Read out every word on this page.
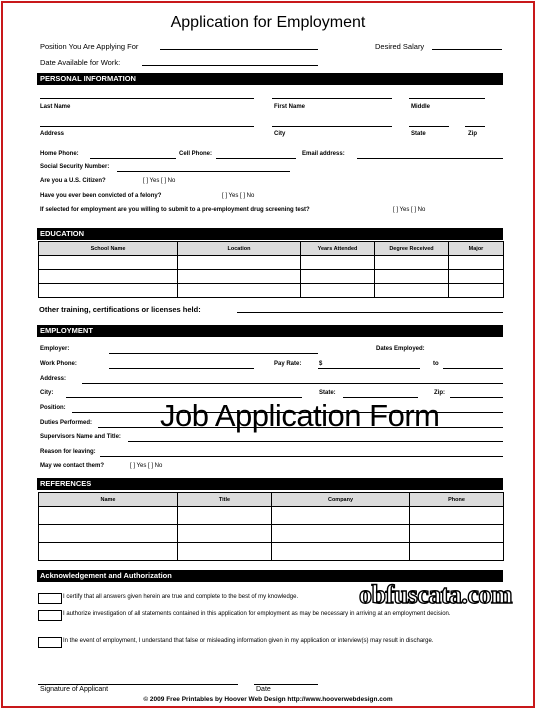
Application for Employment
Position You Are Applying For	Desired Salary
Date Available for Work:
PERSONAL INFORMATION
Last Name	First Name	Middle
Address	City	State	Zip
Home Phone:	Cell Phone:	Email address:
Social Security Number:
Are you a U.S. Citizen?	[ ] Yes [ ] No
Have you ever been convicted of a felony?	[ ] Yes [ ] No
If selected for employment are you willing to submit to a pre-employment drug screening test?	[ ] Yes [ ] No
EDUCATION
School Name	Location	Years Attended	Degree Received	Major

Other training, certifications or licenses held:
EMPLOYMENT
Employer:	Dates Employed:
Work Phone:	Pay Rate:	$	to
Address:
City:	State:	Zip:
Position:
Duties Performed:
Supervisors Name and Title:
Reason for leaving:
May we contact them?	[ ] Yes [ ] No
REFERENCES
Name	Title	Company	Phone

Acknowledgement and Authorization
I certify that all answers given herein are true and complete to the best of my knowledge.
I authorize investigation of all statements contained in this application for employment as may be necessary in arriving at an employment decision.
In the event of employment, I understand that false or misleading information given in my application or interview(s) may result in discharge.
Signature of Applicant	Date
© 2009 Free Printables by Hoover Web Design http://www.hooverwebdesign.com
Job Application Form
obfuscata.com
